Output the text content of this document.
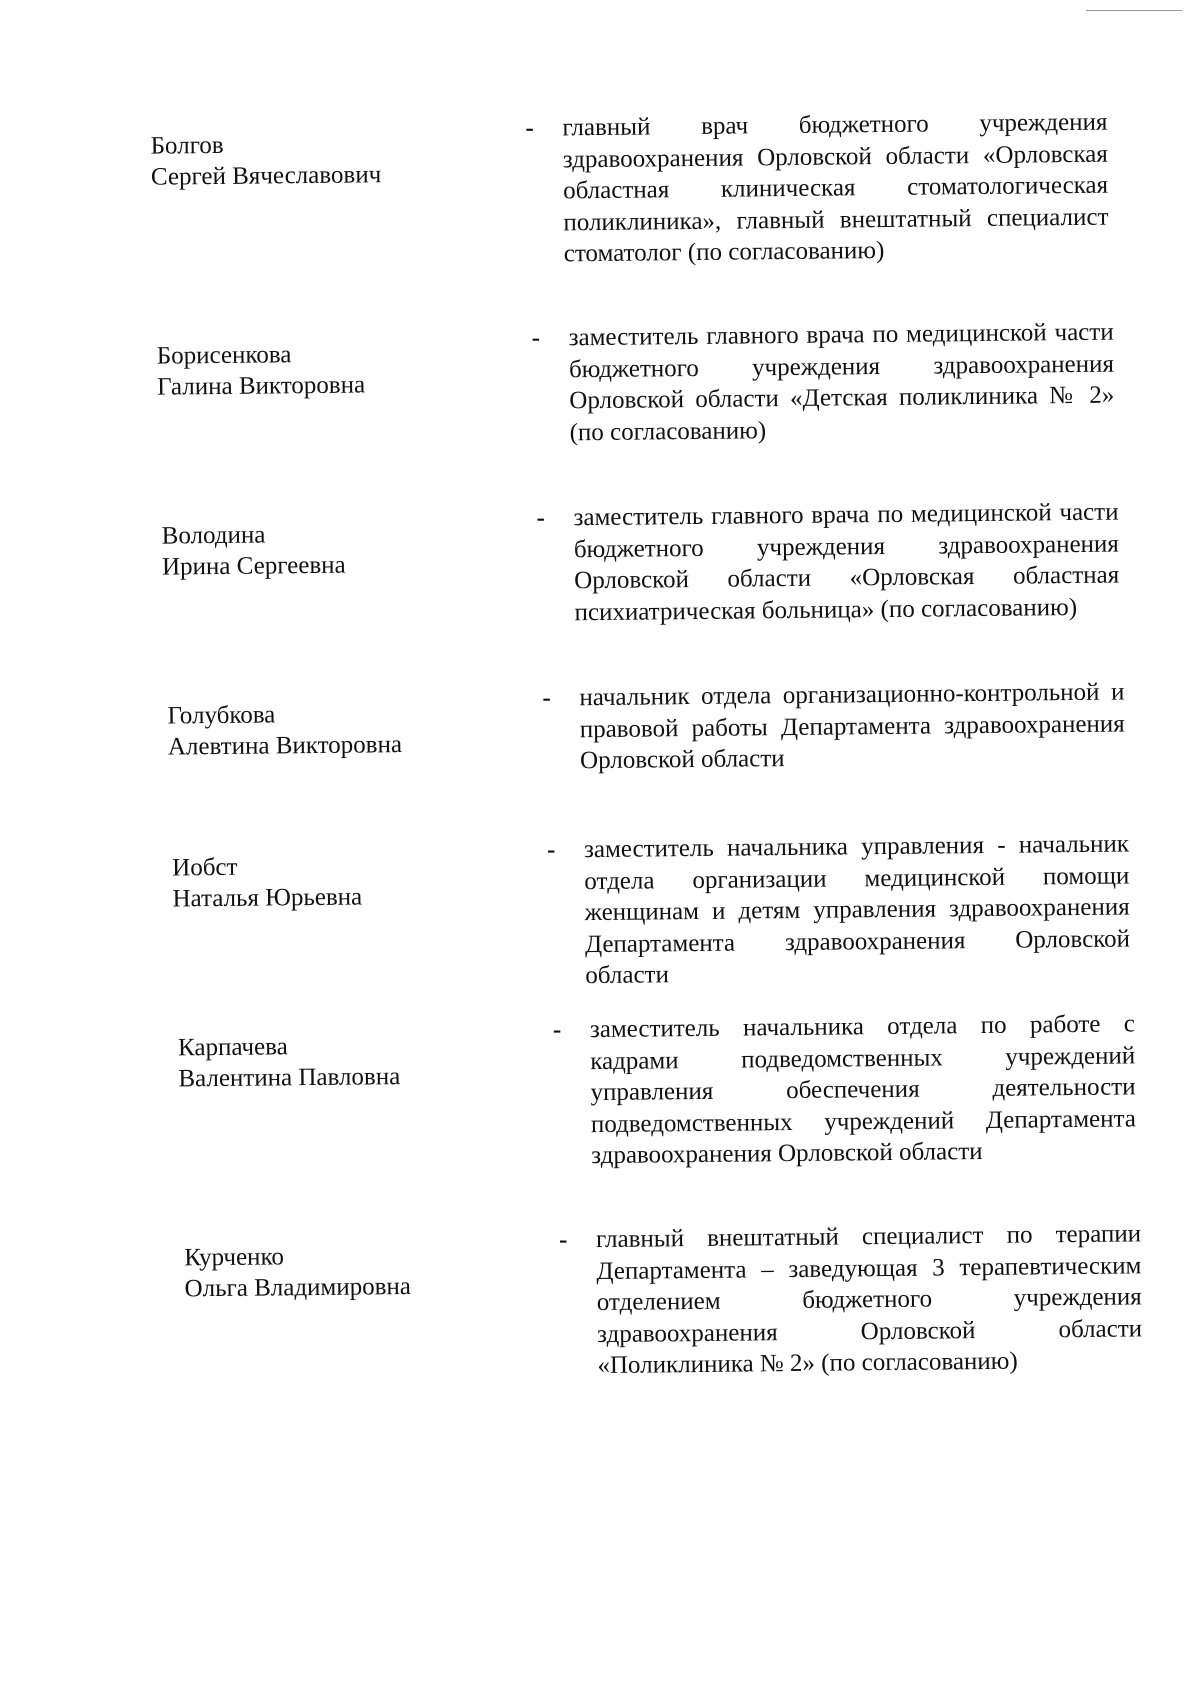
Болгов
Сергей Вячеславович
- главный врач бюджетного учреждения здравоохранения Орловской области «Орловская областная клиническая стоматологическая поликлиника», главный внештатный специалист стоматолог (по согласованию)
Борисенкова
Галина Викторовна
- заместитель главного врача по медицинской части бюджетного учреждения здравоохранения Орловской области «Детская поликлиника № 2» (по согласованию)
Володина
Ирина Сергеевна
- заместитель главного врача по медицинской части бюджетного учреждения здравоохранения Орловской области «Орловская областная психиатрическая больница» (по согласованию)
Голубкова
Алевтина Викторовна
- начальник отдела организационно-контрольной и правовой работы Департамента здравоохранения Орловской области
Иобст
Наталья Юрьевна
- заместитель начальника управления - начальник отдела организации медицинской помощи женщинам и детям управления здравоохранения Департамента здравоохранения Орловской области
Карпачева
Валентина Павловна
- заместитель начальника отдела по работе с кадрами подведомственных учреждений управления обеспечения деятельности подведомственных учреждений Департамента здравоохранения Орловской области
Курченко
Ольга Владимировна
- главный внештатный специалист по терапии Департамента – заведующая 3 терапевтическим отделением бюджетного учреждения здравоохранения Орловской области «Поликлиника № 2» (по согласованию)
